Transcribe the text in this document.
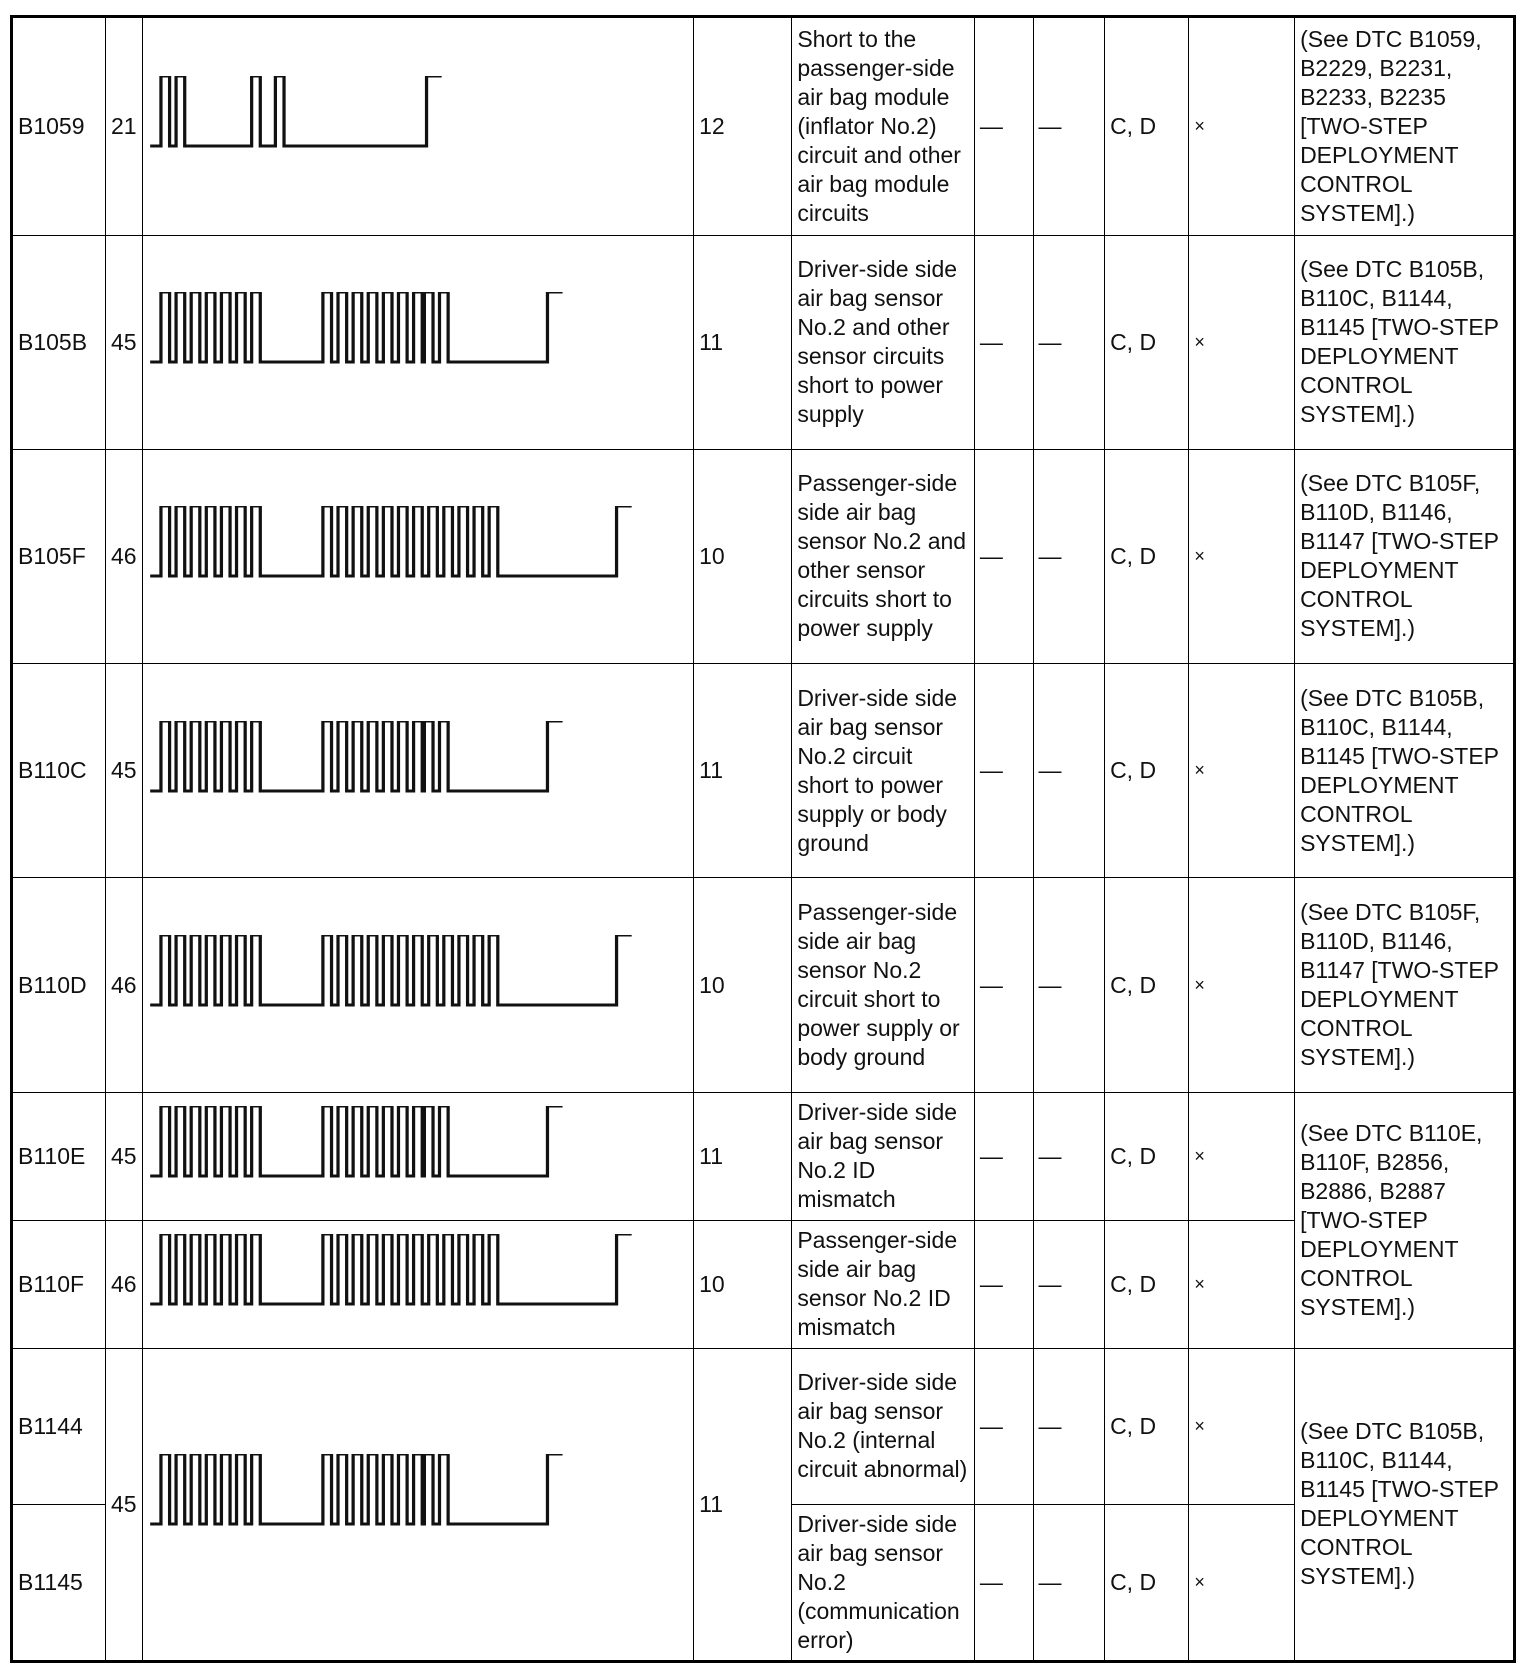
B1059	21		12	Short to the passenger-side air bag module (inflator No.2) circuit and other air bag module circuits	—	—	C, D	×	(See DTC B1059, B2229, B2231, B2233, B2235 [TWO-STEP DEPLOYMENT CONTROL SYSTEM].)
B105B	45		11	Driver-side side air bag sensor No.2 and other sensor circuits short to power supply	—	—	C, D	×	(See DTC B105B, B110C, B1144, B1145 [TWO-STEP DEPLOYMENT CONTROL SYSTEM].)
B105F	46		10	Passenger-side side air bag sensor No.2 and other sensor circuits short to power supply	—	—	C, D	×	(See DTC B105F, B110D, B1146, B1147 [TWO-STEP DEPLOYMENT CONTROL SYSTEM].)
B110C	45		11	Driver-side side air bag sensor No.2 circuit short to power supply or body ground	—	—	C, D	×	(See DTC B105B, B110C, B1144, B1145 [TWO-STEP DEPLOYMENT CONTROL SYSTEM].)
B110D	46		10	Passenger-side side air bag sensor No.2 circuit short to power supply or body ground	—	—	C, D	×	(See DTC B105F, B110D, B1146, B1147 [TWO-STEP DEPLOYMENT CONTROL SYSTEM].)
B110E	45		11	Driver-side side air bag sensor No.2 ID mismatch	—	—	C, D	×	(See DTC B110E, B110F, B2856, B2886, B2887 [TWO-STEP DEPLOYMENT CONTROL SYSTEM].)
B110F	46		10	Passenger-side side air bag sensor No.2 ID mismatch	—	—	C, D	×	
B1144	45		11	Driver-side side air bag sensor No.2 (internal circuit abnormal)	—	—	C, D	×	(See DTC B105B, B110C, B1144, B1145 [TWO-STEP DEPLOYMENT CONTROL SYSTEM].)
B1145				Driver-side side air bag sensor No.2 (communication error)	—	—	C, D	×	
